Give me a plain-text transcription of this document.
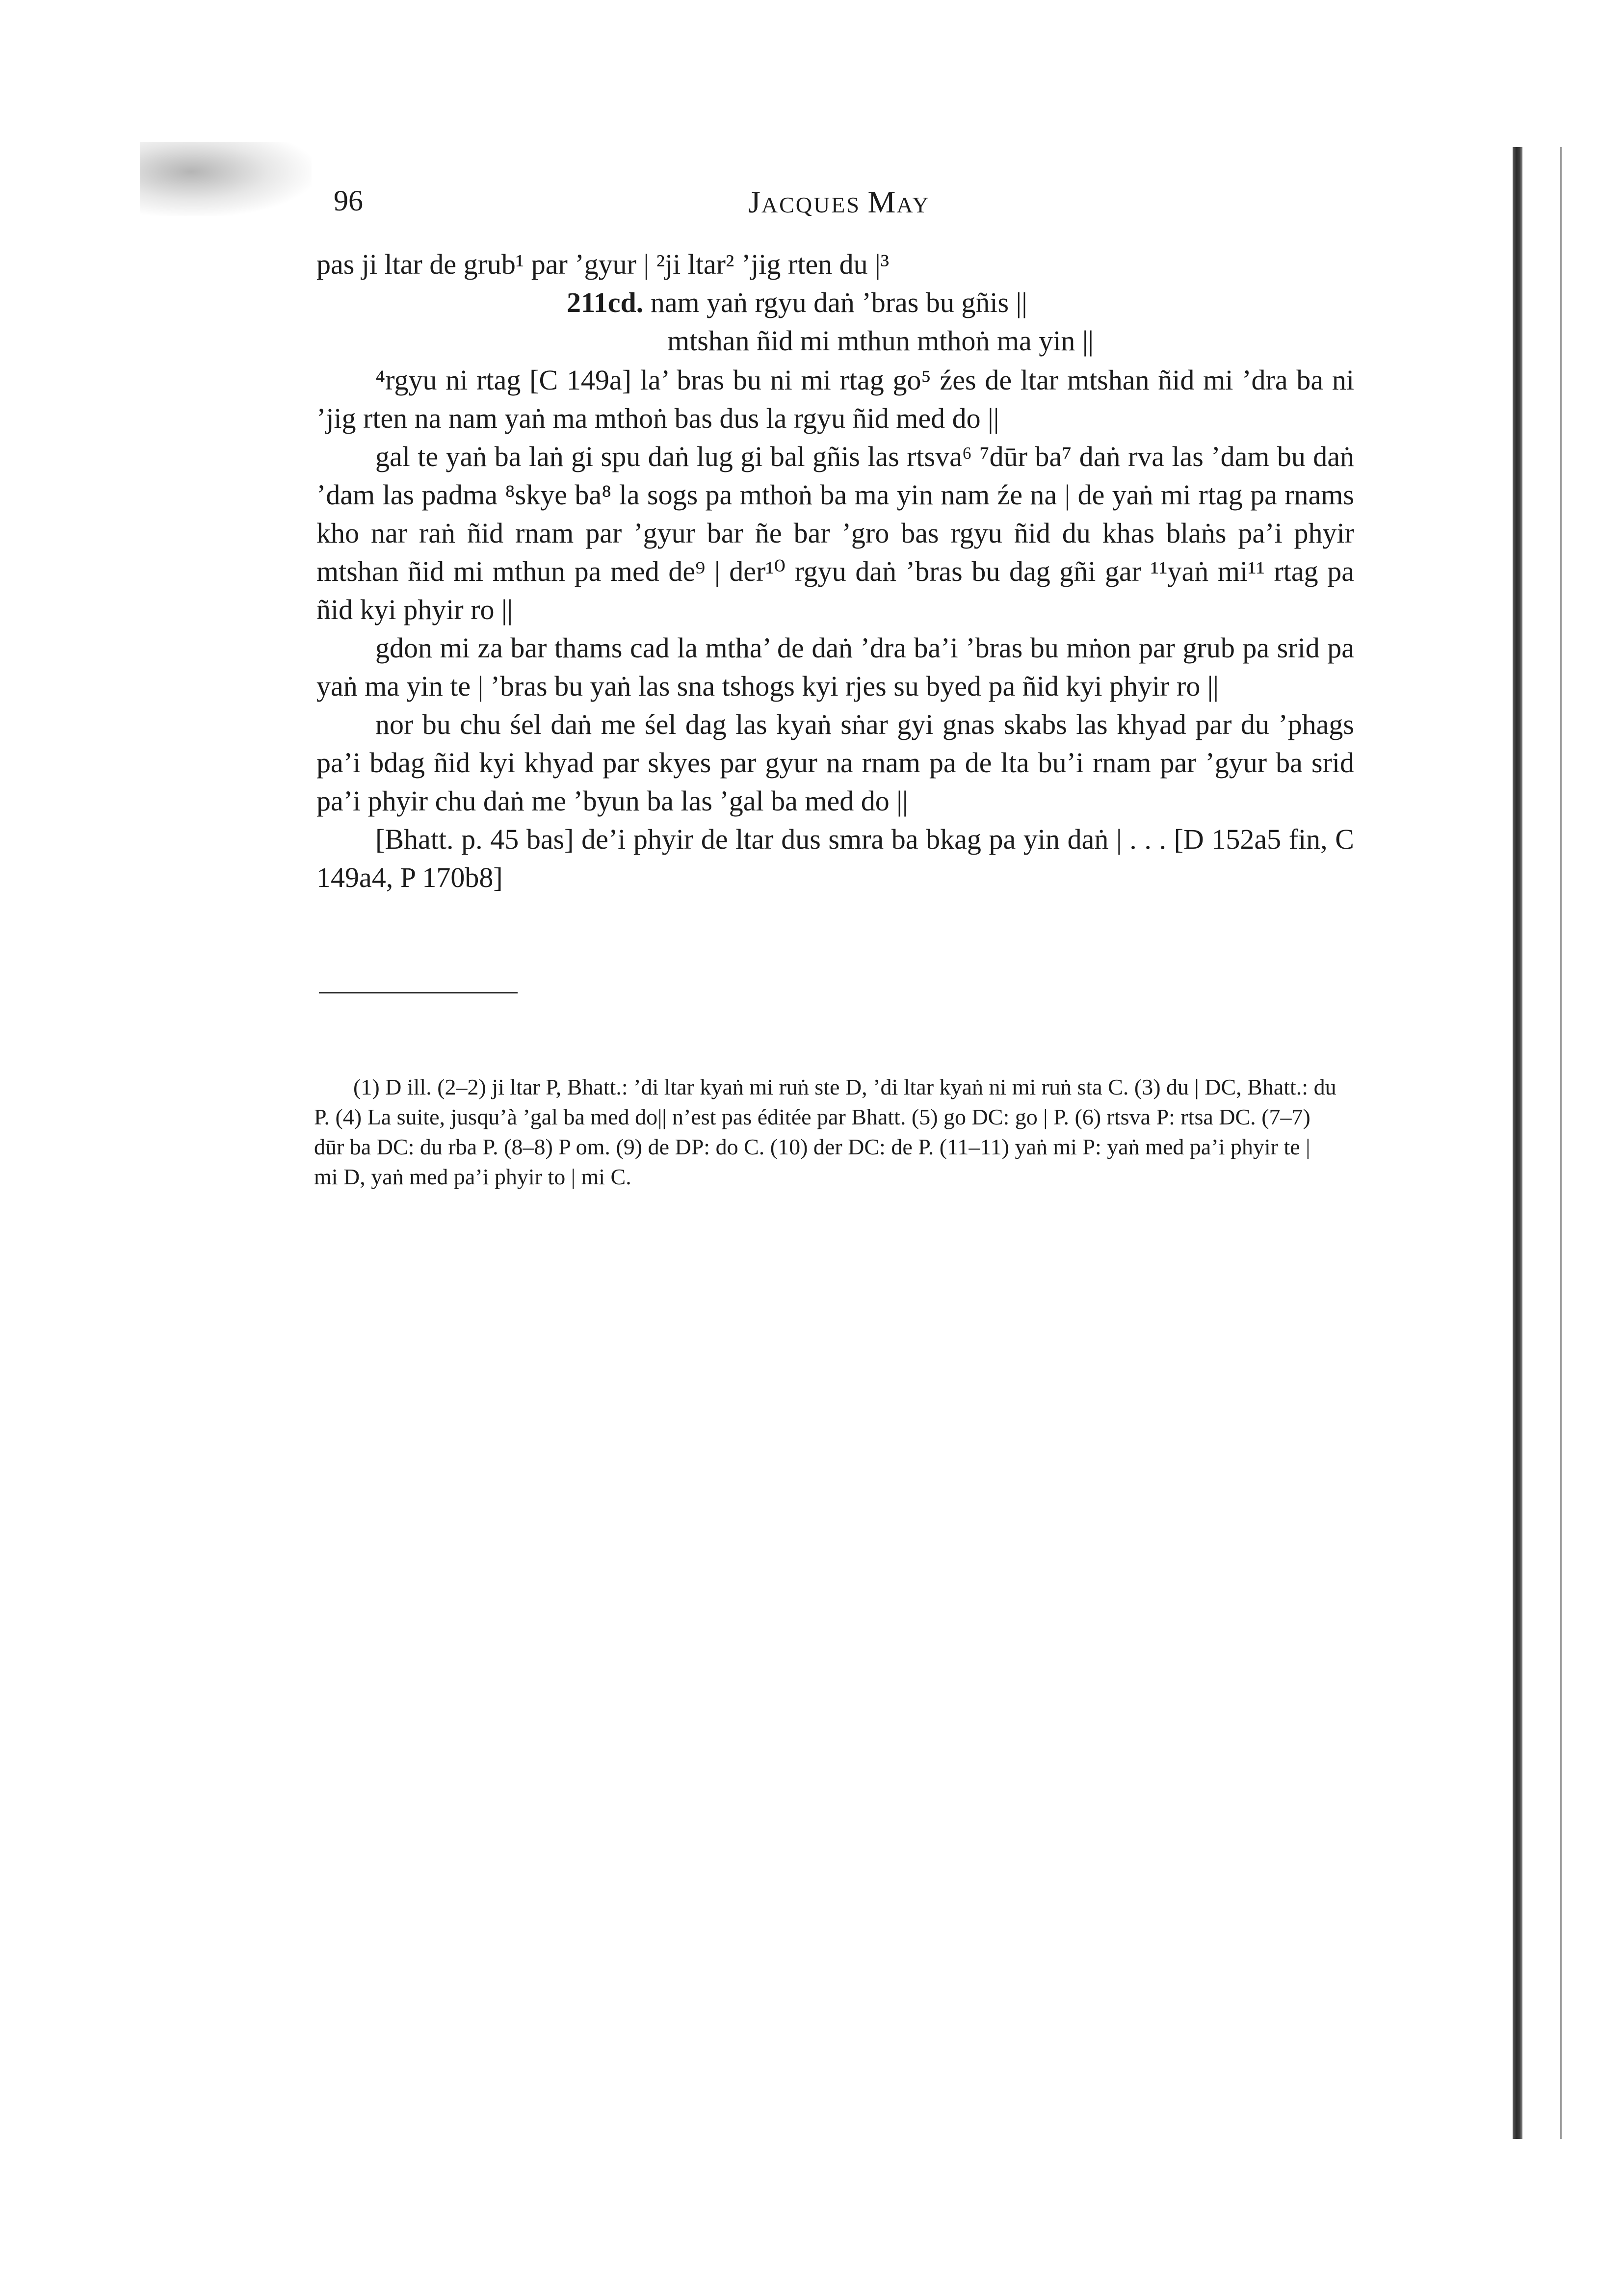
96	JACQUES MAY
pas ji ltar de grub¹ par ’gyur | ²ji ltar² ’jig rten du |³
211cd. nam yaṅ rgyu daṅ ’bras bu gñis ||
mtshan ñid mi mthun mthoṅ ma yin ||

⁴rgyu ni rtag [C 149a] la’ bras bu ni mi rtag go⁵ źes de ltar mtshan ñid mi ’dra ba ni ’jig rten na nam yaṅ ma mthoṅ bas dus la rgyu ñid med do ||

gal te yaṅ ba laṅ gi spu daṅ lug gi bal gñis las rtsva⁶ ⁷dūr ba⁷ daṅ rva las ’dam bu daṅ ’dam las padma ⁸skye ba⁸ la sogs pa mthoṅ ba ma yin nam źe na | de yaṅ mi rtag pa rnams kho nar raṅ ñid rnam par ’gyur bar ñe bar ’gro bas rgyu ñid du khas blaṅs pa’i phyir mtshan ñid mi mthun pa med de⁹ | der¹⁰ rgyu daṅ ’bras bu dag gñi gar ¹¹yaṅ mi¹¹ rtag pa ñid kyi phyir ro ||

gdon mi za bar thams cad la mtha’ de daṅ ’dra ba’i ’bras bu mṅon par grub pa srid pa yaṅ ma yin te | ’bras bu yaṅ las sna tshogs kyi rjes su byed pa ñid kyi phyir ro ||

nor bu chu śel daṅ me śel dag las kyaṅ sṅar gyi gnas skabs las khyad par du ’phags pa’i bdag ñid kyi khyad par skyes par gyur na rnam pa de lta bu’i rnam par ’gyur ba srid pa’i phyir chu daṅ me ’byun ba las ’gal ba med do ||

[Bhatt. p. 45 bas] de’i phyir de ltar dus smra ba bkag pa yin daṅ | . . . [D 152a5 fin, C 149a4, P 170b8]

(1) D ill. (2–2) ji ltar P, Bhatt.: ’di ltar kyaṅ mi ruṅ ste D, ’di ltar kyaṅ ni mi ruṅ sta C. (3) du | DC, Bhatt.: du P. (4) La suite, jusqu’à ’gal ba med do|| n’est pas éditée par Bhatt. (5) go DC: go | P. (6) rtsva P: rtsa DC. (7–7) dūr ba DC: du rba P. (8–8) P om. (9) de DP: do C. (10) der DC: de P. (11–11) yaṅ mi P: yaṅ med pa’i phyir te | mi D, yaṅ med pa’i phyir to | mi C.
